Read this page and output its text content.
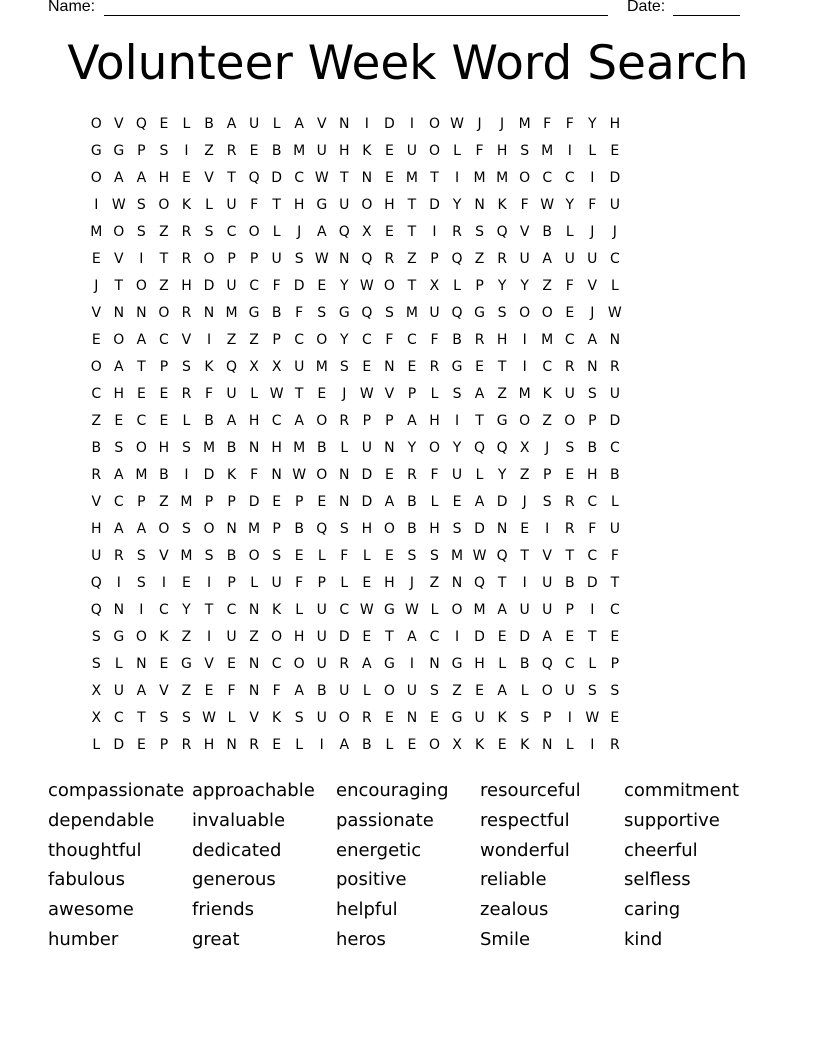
Name:	Date:
Volunteer Week Word Search
O V Q E	L B A U L A V N	I	D	I	O W J	J	M F	F	Y H
G G P S	I	Z R E B M U H K E U O L	F H S M	I	L	E
O A A H E V T Q D C W T N E M T	I	M M O C C	I	D
I W S O K	L U F	T H G U O H T D Y N K F W Y	F U
M O S Z R S C O L	J	A Q X E T	I	R S Q V B L	J	J
E V	I	T R O P	P U S W N Q R Z P Q Z R U A U U C
J	T O Z H D U C F D E Y W O T X L	P	Y Y Z F V L
V N N O R N M G B F	S G Q S M U Q G S O O E	J W
E O A C V	I	Z Z P C O Y C F C F B R H	I	M C A N
O A T	P S K Q X X U M S E N E R G E T	I	C R N R
C H E E R F U L W T E	J W V P	L	S A Z M K U S U
Z E C E	L B A H C A O R P	P A H	I	T G O Z O P D
B S O H S M B N H M B L U N Y O Y Q Q X	J	S B C
R A M B	I	D K F N W O N D E R F U L	Y Z P E H B
V C P Z M P	P D E P E N D A B L	E A D	J	S R C L
H A A O S O N M P B Q S H O B H S D N E	I	R F U
U R S V M S B O S E	L	F	L	E S S M W Q T V T C F
Q	I	S	I	E	I	P	L U F	P	L	E H	J	Z N Q T	I	U B D T
Q N	I	C Y T C N K	L U C W G W L O M A U U P	I	C
S G O K Z	I	U Z O H U D E T A C	I	D E D A E T E
S	L N E G V E N C O U R A G	I	N G H L B Q C L	P
X U A V Z E	F N F A B U L O U S Z E A L O U S S
X C T S S W L V K S U O R E N E G U K S P	I W E
L D E P R H N R E	L	I	A B L	E O X K E K N L	I	R
compassionate approachable encouraging resourceful commitment
dependable invaluable	passionate	respectful	supportive
thoughtful	dedicated	energetic	wonderful	cheerful
fabulous	generous	positive	reliable	selfless
awesome	friends	helpful	zealous	caring
humber	great	heros	Smile	kind
